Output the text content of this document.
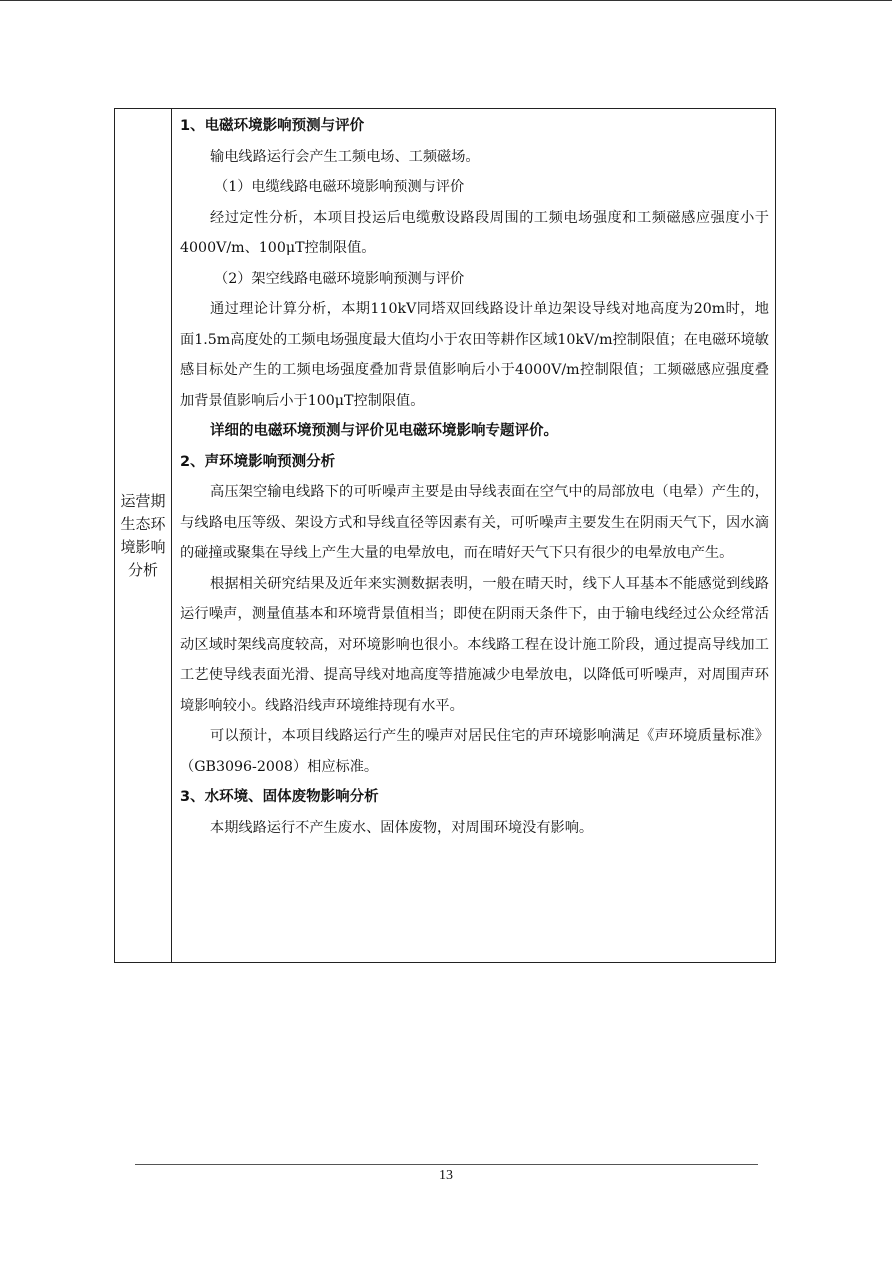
运营期生态环境影响分析

1、电磁环境影响预测与评价

输电线路运行会产生工频电场、工频磁场。

（1）电缆线路电磁环境影响预测与评价

经过定性分析，本项目投运后电缆敷设路段周围的工频电场强度和工频磁感应强度小于4000V/m、100μT控制限值。

（2）架空线路电磁环境影响预测与评价

通过理论计算分析，本期110kV同塔双回线路设计单边架设导线对地高度为20m时，地面1.5m高度处的工频电场强度最大值均小于农田等耕作区域10kV/m控制限值；在电磁环境敏感目标处产生的工频电场强度叠加背景值影响后小于4000V/m控制限值；工频磁感应强度叠加背景值影响后小于100μT控制限值。

详细的电磁环境预测与评价见电磁环境影响专题评价。

2、声环境影响预测分析

高压架空输电线路下的可听噪声主要是由导线表面在空气中的局部放电（电晕）产生的，与线路电压等级、架设方式和导线直径等因素有关，可听噪声主要发生在阴雨天气下，因水滴的碰撞或聚集在导线上产生大量的电晕放电，而在晴好天气下只有很少的电晕放电产生。

根据相关研究结果及近年来实测数据表明，一般在晴天时，线下人耳基本不能感觉到线路运行噪声，测量值基本和环境背景值相当；即使在阴雨天条件下，由于输电线经过公众经常活动区域时架线高度较高，对环境影响也很小。本线路工程在设计施工阶段，通过提高导线加工工艺使导线表面光滑、提高导线对地高度等措施减少电晕放电，以降低可听噪声，对周围声环境影响较小。线路沿线声环境维持现有水平。

可以预计，本项目线路运行产生的噪声对居民住宅的声环境影响满足《声环境质量标准》（GB3096-2008）相应标准。

3、水环境、固体废物影响分析

本期线路运行不产生废水、固体废物，对周围环境没有影响。

13
